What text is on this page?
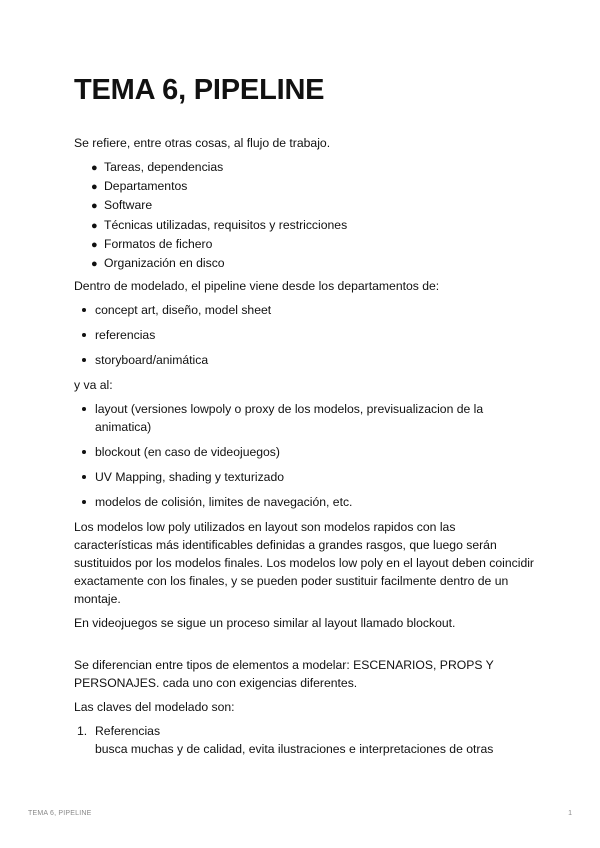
TEMA 6, PIPELINE

Se refiere, entre otras cosas, al flujo de trabajo.

● Tareas, dependencias
● Departamentos
● Software
● Técnicas utilizadas, requisitos y restricciones
● Formatos de fichero
● Organización en disco

Dentro de modelado, el pipeline viene desde los departamentos de:

concept art, diseño, model sheet
referencias
storyboard/animática

y va al:

layout (versiones lowpoly o proxy de los modelos, previsualizacion de la animatica)
blockout (en caso de videojuegos)
UV Mapping, shading y texturizado
modelos de colisión, limites de navegación, etc.

Los modelos low poly utilizados en layout son modelos rapidos con las características más identificables definidas a grandes rasgos, que luego serán sustituidos por los modelos finales. Los modelos low poly en el layout deben coincidir exactamente con los finales, y se pueden poder sustituir facilmente dentro de un montaje.

En videojuegos se sigue un proceso similar al layout llamado blockout.

Se diferencian entre tipos de elementos a modelar: ESCENARIOS, PROPS Y PERSONAJES. cada uno con exigencias diferentes.

Las claves del modelado son:

1. Referencias
busca muchas y de calidad, evita ilustraciones e interpretaciones de otras
TEMA 6, PIPELINE	1
